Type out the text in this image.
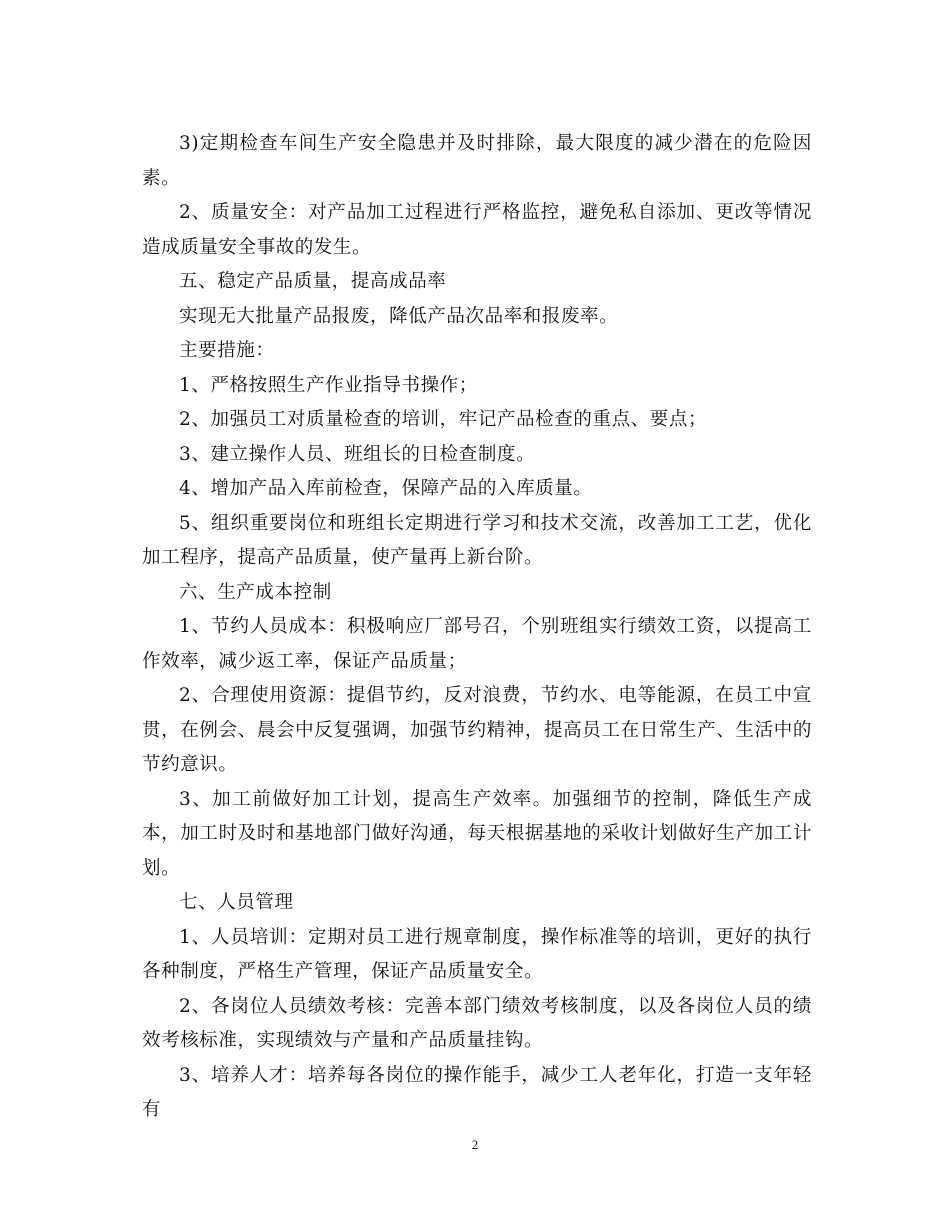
3)定期检查车间生产安全隐患并及时排除，最大限度的减少潜在的危险因素。

2、质量安全：对产品加工过程进行严格监控，避免私自添加、更改等情况造成质量安全事故的发生。

五、稳定产品质量，提高成品率

实现无大批量产品报废，降低产品次品率和报废率。

主要措施：

1、严格按照生产作业指导书操作；

2、加强员工对质量检查的培训，牢记产品检查的重点、要点；

3、建立操作人员、班组长的日检查制度。

4、增加产品入库前检查，保障产品的入库质量。

5、组织重要岗位和班组长定期进行学习和技术交流，改善加工工艺，优化加工程序，提高产品质量，使产量再上新台阶。

六、生产成本控制

1、节约人员成本：积极响应厂部号召，个别班组实行绩效工资，以提高工作效率，减少返工率，保证产品质量；

2、合理使用资源：提倡节约，反对浪费，节约水、电等能源，在员工中宣贯，在例会、晨会中反复强调，加强节约精神，提高员工在日常生产、生活中的节约意识。

3、加工前做好加工计划，提高生产效率。加强细节的控制，降低生产成本，加工时及时和基地部门做好沟通，每天根据基地的采收计划做好生产加工计划。

七、人员管理

1、人员培训：定期对员工进行规章制度，操作标准等的培训，更好的执行各种制度，严格生产管理，保证产品质量安全。

2、各岗位人员绩效考核：完善本部门绩效考核制度，以及各岗位人员的绩效考核标准，实现绩效与产量和产品质量挂钩。

3、培养人才：培养每各岗位的操作能手，减少工人老年化，打造一支年轻有

2
